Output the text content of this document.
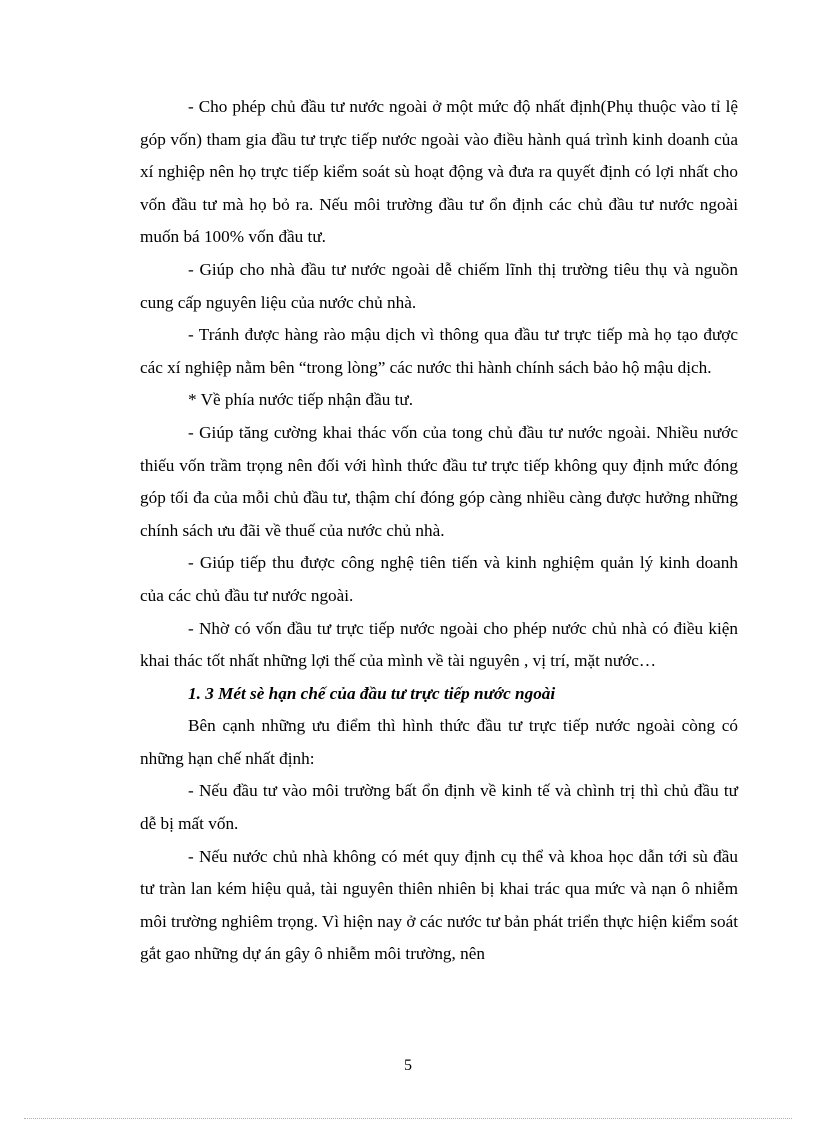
- Cho phép chủ đầu tư nước ngoài ở một mức độ nhất định(Phụ thuộc vào tỉ lệ góp vốn) tham gia đầu tư trực tiếp nước ngoài vào điều hành quá trình kinh doanh của xí nghiệp nên họ trực tiếp kiểm soát sù hoạt động và đưa ra quyết định có lợi nhất cho vốn đầu tư mà họ bỏ ra. Nếu môi trường đầu tư ổn định các chủ đầu tư nước ngoài muốn bá 100% vốn đầu tư.

- Giúp cho nhà đầu tư nước ngoài dễ chiếm lĩnh thị trường tiêu thụ và nguồn cung cấp nguyên liệu của nước chủ nhà.

- Tránh được hàng rào mậu dịch vì thông qua đầu tư trực tiếp mà họ tạo được các xí nghiệp nằm bên “trong lòng” các nước thi hành chính sách bảo hộ mậu dịch.

* Về phía nước tiếp nhận đầu tư.

- Giúp tăng cường khai thác vốn của tong chủ đầu tư nước ngoài. Nhiều nước thiếu vốn trầm trọng nên đối với hình thức đầu tư trực tiếp không quy định mức đóng góp tối đa của mỗi chủ đầu tư, thậm chí đóng góp càng nhiều càng được hưởng những chính sách ưu đãi về thuế của nước chủ nhà.

- Giúp tiếp thu được công nghệ tiên tiến và kinh nghiệm quản lý kinh doanh của các chủ đầu tư nước ngoài.

- Nhờ có vốn đầu tư trực tiếp nước ngoài cho phép nước chủ nhà có điều kiện khai thác tốt nhất những lợi thế của mình về tài nguyên , vị trí, mặt nước…

1. 3 Mét sè hạn chế của đầu tư trực tiếp nước ngoài

Bên cạnh những ưu điểm thì hình thức đầu tư trực tiếp nước ngoài còng có những hạn chế nhất định:

- Nếu đầu tư vào môi trường bất ổn định về kinh tế và chình trị thì chủ đầu tư dễ bị mất vốn.

- Nếu nước chủ nhà không có mét quy định cụ thể và khoa học dẫn tới sù đầu tư tràn lan kém hiệu quả, tài nguyên thiên nhiên bị khai trác qua mức và nạn ô nhiễm môi trường nghiêm trọng. Vì hiện nay ở các nước tư bản phát triển thực hiện kiểm soát gắt gao những dự án gây ô nhiễm môi trường, nên

5
